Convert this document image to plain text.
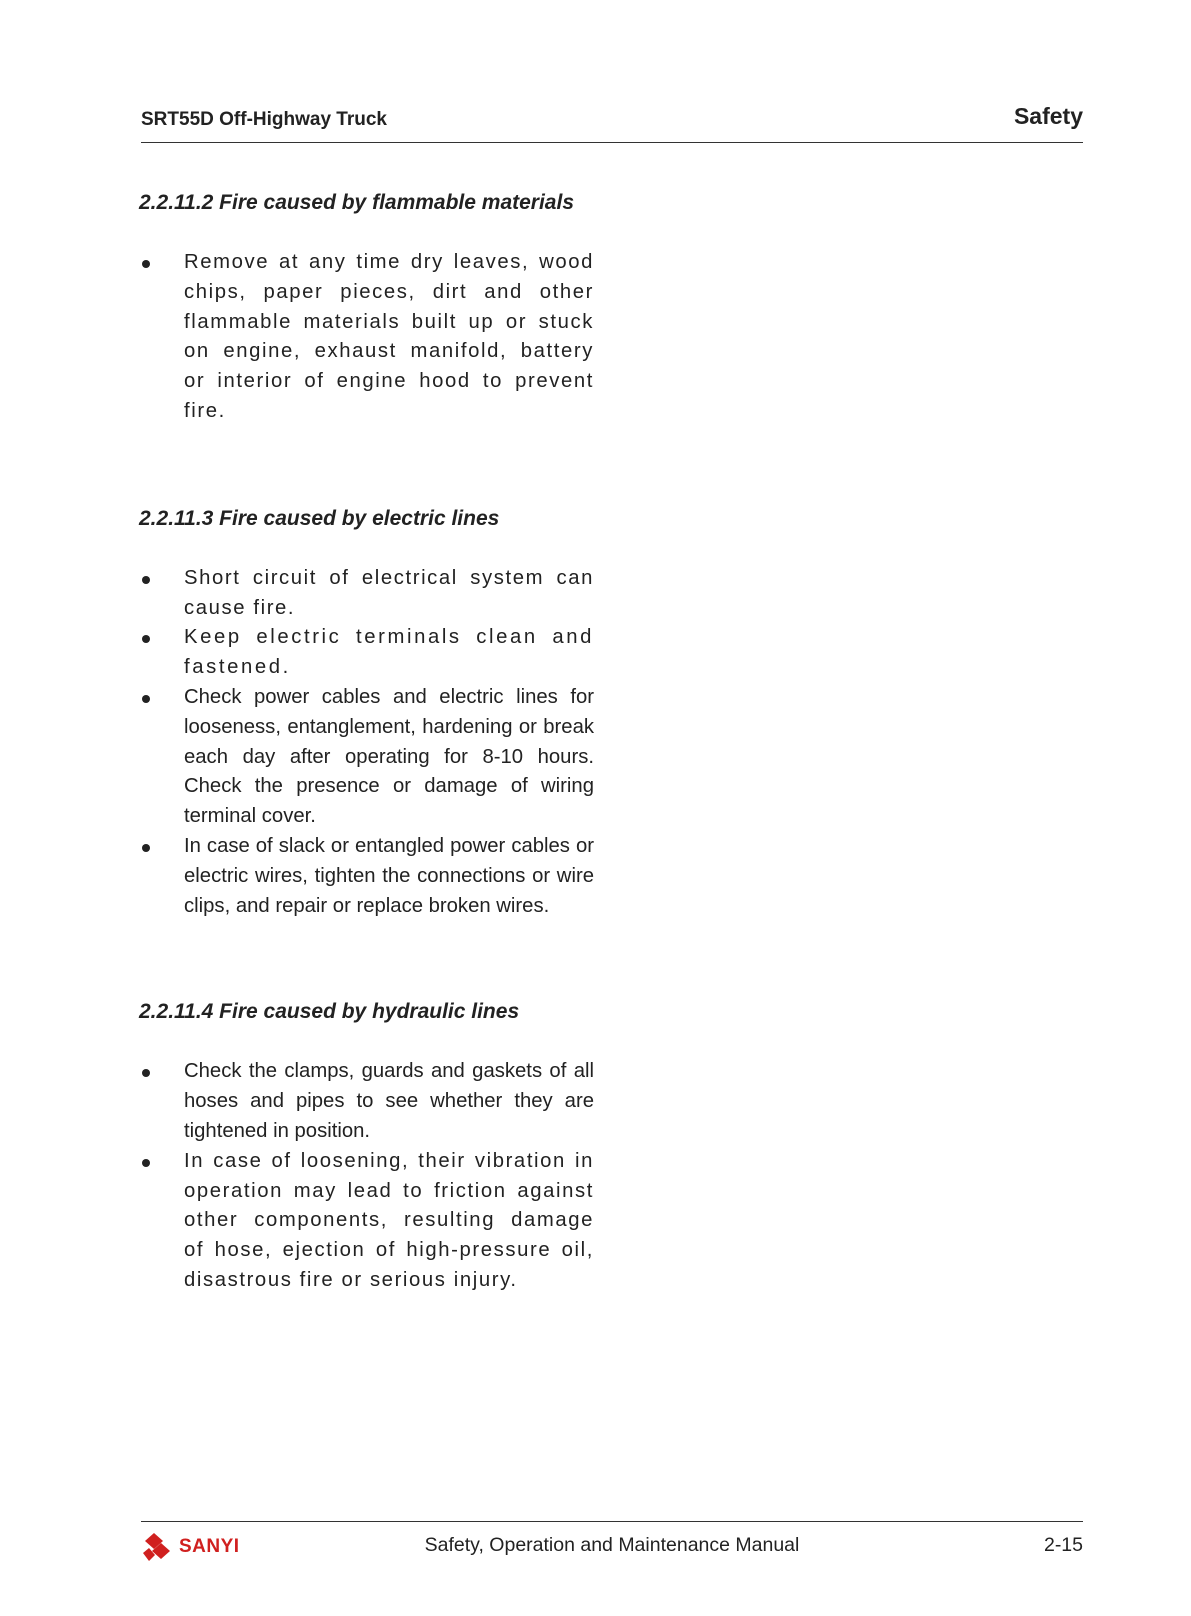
SRT55D Off-Highway Truck	Safety
2.2.11.2 Fire caused by flammable materials
Remove at any time dry leaves, wood chips, paper pieces, dirt and other flammable materials built up or stuck on engine, exhaust manifold, battery or interior of engine hood to prevent fire.
2.2.11.3 Fire caused by electric lines
Short circuit of electrical system can cause fire.
Keep electric terminals clean and fastened.
Check power cables and electric lines for looseness, entanglement, hardening or break each day after operating for 8-10 hours. Check the presence or damage of wiring terminal cover.
In case of slack or entangled power cables or electric wires, tighten the connections or wire clips, and repair or replace broken wires.
2.2.11.4 Fire caused by hydraulic lines
Check the clamps, guards and gaskets of all hoses and pipes to see whether they are tightened in position.
In case of loosening, their vibration in operation may lead to friction against other components, resulting damage of hose, ejection of high-pressure oil, disastrous fire or serious injury.
SANYI	Safety, Operation and Maintenance Manual	2-15
